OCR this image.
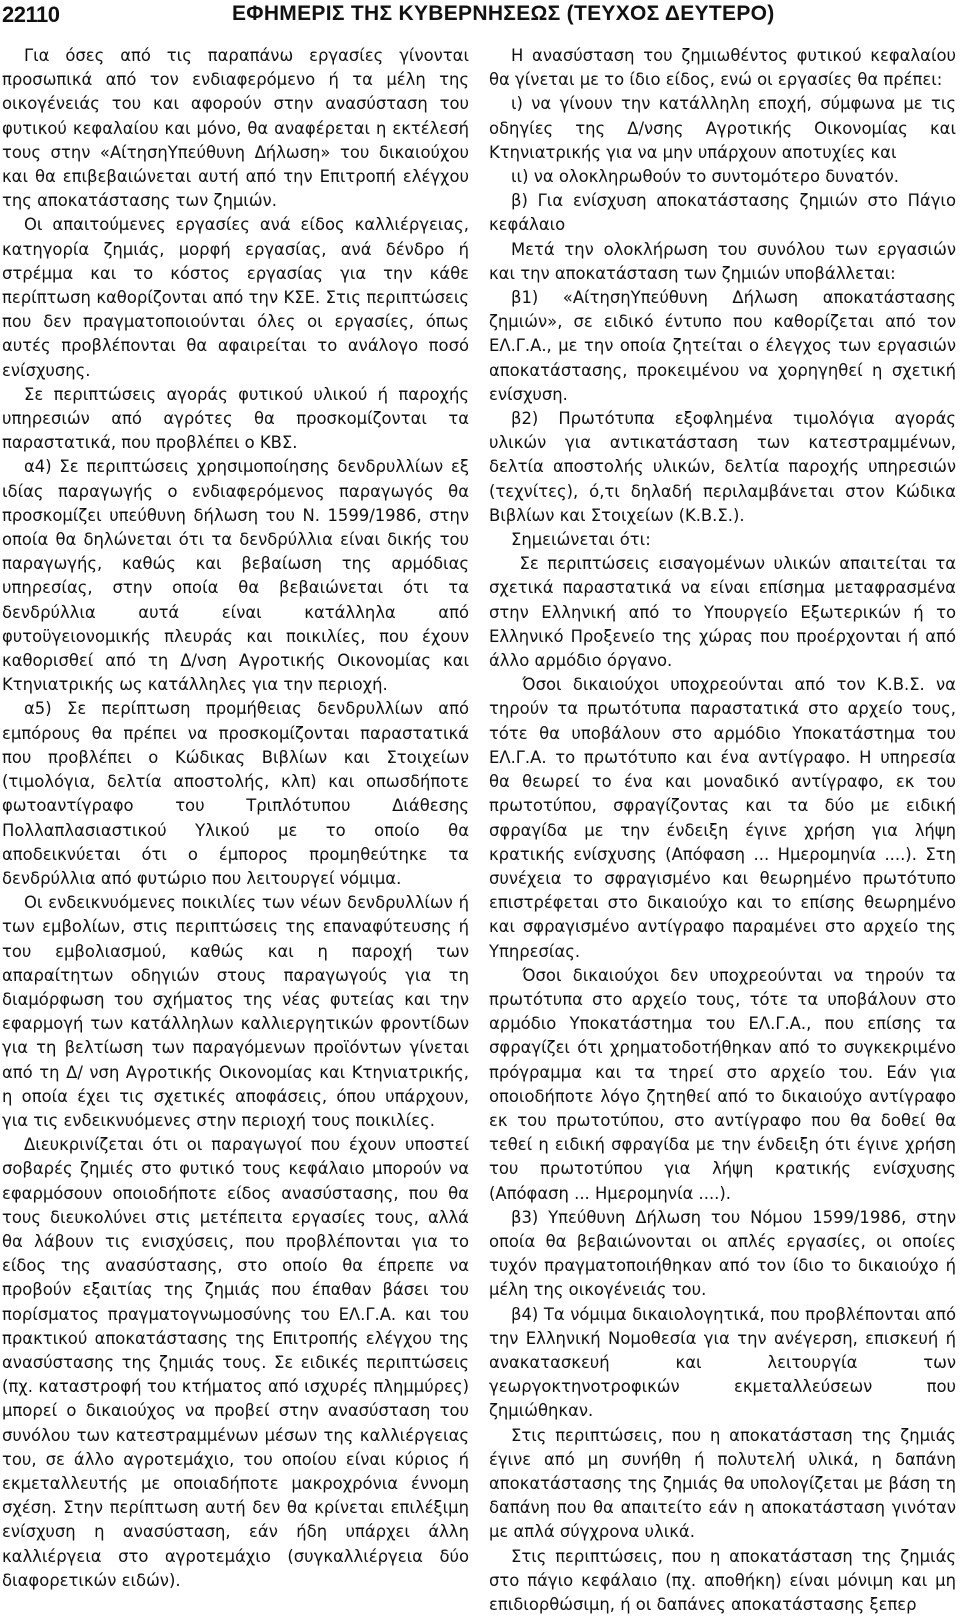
22110	ΕΦΗΜΕΡΙΣ ΤΗΣ ΚΥΒΕΡΝΗΣΕΩΣ (ΤΕΥΧΟΣ ΔΕΥΤΕΡΟ)

Για όσες από τις παραπάνω εργασίες γίνονται προσωπικά από τον ενδιαφερόμενο ή τα μέλη της οικογένειάς του και αφορούν στην ανασύσταση του φυτικού κεφαλαίου και μόνο, θα αναφέρεται η εκτέλεσή τους στην «ΑίτησηΥπεύθυνη Δήλωση» του δικαιούχου και θα επιβεβαιώνεται αυτή από την Επιτροπή ελέγχου της αποκατάστασης των ζημιών.

Οι απαιτούμενες εργασίες ανά είδος καλλιέργειας, κατηγορία ζημιάς, μορφή εργασίας, ανά δένδρο ή στρέμμα και το κόστος εργασίας για την κάθε περίπτωση καθορίζονται από την ΚΣΕ. Στις περιπτώσεις που δεν πραγματοποιούνται όλες οι εργασίες, όπως αυτές προβλέπονται θα αφαιρείται το ανάλογο ποσό ενίσχυσης.

Σε περιπτώσεις αγοράς φυτικού υλικού ή παροχής υπηρεσιών από αγρότες θα προσκομίζονται τα παραστατικά, που προβλέπει ο ΚΒΣ.

α4) Σε περιπτώσεις χρησιμοποίησης δενδρυλλίων εξ ιδίας παραγωγής ο ενδιαφερόμενος παραγωγός θα προσκομίζει υπεύθυνη δήλωση του Ν. 1599/1986, στην οποία θα δηλώνεται ότι τα δενδρύλλια είναι δικής του παραγωγής, καθώς και βεβαίωση της αρμόδιας υπηρεσίας, στην οποία θα βεβαιώνεται ότι τα δενδρύλλια αυτά είναι κατάλληλα από φυτοϋγειονομικής πλευράς και ποικιλίες, που έχουν καθορισθεί από τη Δ/νση Αγροτικής Οικονομίας και Κτηνιατρικής ως κατάλληλες για την περιοχή.

α5) Σε περίπτωση προμήθειας δενδρυλλίων από εμπόρους θα πρέπει να προσκομίζονται παραστατικά που προβλέπει ο Κώδικας Βιβλίων και Στοιχείων (τιμολόγια, δελτία αποστολής, κλπ) και οπωσδήποτε φωτοαντίγραφο του Τριπλότυπου Διάθεσης Πολλαπλασιαστικού Υλικού με το οποίο θα αποδεικνύεται ότι ο έμπορος προμηθεύτηκε τα δενδρύλλια από φυτώριο που λειτουργεί νόμιμα.

Οι ενδεικνυόμενες ποικιλίες των νέων δενδρυλλίων ή των εμβολίων, στις περιπτώσεις της επαναφύτευσης ή του εμβολιασμού, καθώς και η παροχή των απαραίτητων οδηγιών στους παραγωγούς για τη διαμόρφωση του σχήματος της νέας φυτείας και την εφαρμογή των κατάλληλων καλλιεργητικών φροντίδων για τη βελτίωση των παραγόμενων προϊόντων γίνεται από τη Δ/ νση Αγροτικής Οικονομίας και Κτηνιατρικής, η οποία έχει τις σχετικές αποφάσεις, όπου υπάρχουν, για τις ενδεικνυόμενες στην περιοχή τους ποικιλίες.

Διευκρινίζεται ότι οι παραγωγοί που έχουν υποστεί σοβαρές ζημιές στο φυτικό τους κεφάλαιο μπορούν να εφαρμόσουν οποιοδήποτε είδος ανασύστασης, που θα τους διευκολύνει στις μετέπειτα εργασίες τους, αλλά θα λάβουν τις ενισχύσεις, που προβλέπονται για το είδος της ανασύστασης, στο οποίο θα έπρεπε να προβούν εξαιτίας της ζημιάς που έπαθαν βάσει του πορίσματος πραγματογνωμοσύνης του ΕΛ.Γ.Α. και του πρακτικού αποκατάστασης της Επιτροπής ελέγχου της ανασύστασης της ζημιάς τους. Σε ειδικές περιπτώσεις (πχ. καταστροφή του κτήματος από ισχυρές πλημμύρες) μπορεί ο δικαιούχος να προβεί στην ανασύσταση του συνόλου των κατεστραμμένων μέσων της καλλιέργειας του, σε άλλο αγροτεμάχιο, του οποίου είναι κύριος ή εκμεταλλευτής με οποιαδήποτε μακροχρόνια έννομη σχέση. Στην περίπτωση αυτή δεν θα κρίνεται επιλέξιμη ενίσχυση η ανασύσταση, εάν ήδη υπάρχει άλλη καλλιέργεια στο αγροτεμάχιο (συγκαλλιέργεια δύο διαφορετικών ειδών).

Η ανασύσταση του ζημιωθέντος φυτικού κεφαλαίου θα γίνεται με το ίδιο είδος, ενώ οι εργασίες θα πρέπει:

ι) να γίνουν την κατάλληλη εποχή, σύμφωνα με τις οδηγίες της Δ/νσης Αγροτικής Οικονομίας και Κτηνιατρικής για να μην υπάρχουν αποτυχίες και

ιι) να ολοκληρωθούν το συντομότερο δυνατόν.

β) Για ενίσχυση αποκατάστασης ζημιών στο Πάγιο κεφάλαιο

Μετά την ολοκλήρωση του συνόλου των εργασιών και την αποκατάσταση των ζημιών υποβάλλεται:

β1) «ΑίτησηΥπεύθυνη Δήλωση αποκατάστασης ζημιών», σε ειδικό έντυπο που καθορίζεται από τον ΕΛ.Γ.Α., με την οποία ζητείται ο έλεγχος των εργασιών αποκατάστασης, προκειμένου να χορηγηθεί η σχετική ενίσχυση.

β2) Πρωτότυπα εξοφλημένα τιμολόγια αγοράς υλικών για αντικατάσταση των κατεστραμμένων, δελτία αποστολής υλικών, δελτία παροχής υπηρεσιών (τεχνίτες), ό,τι δηλαδή περιλαμβάνεται στον Κώδικα Βιβλίων και Στοιχείων (Κ.Β.Σ.).

Σημειώνεται ότι:

Σε περιπτώσεις εισαγομένων υλικών απαιτείται τα σχετικά παραστατικά να είναι επίσημα μεταφρασμένα στην Ελληνική από το Υπουργείο Εξωτερικών ή το Ελληνικό Προξενείο της χώρας που προέρχονται ή από άλλο αρμόδιο όργανο.

Όσοι δικαιούχοι υποχρεούνται από τον Κ.Β.Σ. να τηρούν τα πρωτότυπα παραστατικά στο αρχείο τους, τότε θα υποβάλουν στο αρμόδιο Υποκατάστημα του ΕΛ.Γ.Α. το πρωτότυπο και ένα αντίγραφο. Η υπηρεσία θα θεωρεί το ένα και μοναδικό αντίγραφο, εκ του πρωτοτύπου, σφραγίζοντας και τα δύο με ειδική σφραγίδα με την ένδειξη έγινε χρήση για λήψη κρατικής ενίσχυσης (Απόφαση ... Ημερομηνία ....). Στη συνέχεια το σφραγισμένο και θεωρημένο πρωτότυπο επιστρέφεται στο δικαιούχο και το επίσης θεωρημένο και σφραγισμένο αντίγραφο παραμένει στο αρχείο της Υπηρεσίας.

Όσοι δικαιούχοι δεν υποχρεούνται να τηρούν τα πρωτότυπα στο αρχείο τους, τότε τα υποβάλουν στο αρμόδιο Υποκατάστημα του ΕΛ.Γ.Α., που επίσης τα σφραγίζει ότι χρηματοδοτήθηκαν από το συγκεκριμένο πρόγραμμα και τα τηρεί στο αρχείο του. Εάν για οποιοδήποτε λόγο ζητηθεί από το δικαιούχο αντίγραφο εκ του πρωτοτύπου, στο αντίγραφο που θα δοθεί θα τεθεί η ειδική σφραγίδα με την ένδειξη ότι έγινε χρήση του πρωτοτύπου για λήψη κρατικής ενίσχυσης (Απόφαση ... Ημερομηνία ....).

β3) Υπεύθυνη Δήλωση του Νόμου 1599/1986, στην οποία θα βεβαιώνονται οι απλές εργασίες, οι οποίες τυχόν πραγματοποιήθηκαν από τον ίδιο το δικαιούχο ή μέλη της οικογένειάς του.

β4) Τα νόμιμα δικαιολογητικά, που προβλέπονται από την Ελληνική Νομοθεσία για την ανέγερση, επισκευή ή ανακατασκευή και λειτουργία των γεωργοκτηνοτροφικών εκμεταλλεύσεων που ζημιώθηκαν.

Στις περιπτώσεις, που η αποκατάσταση της ζημιάς έγινε από μη συνήθη ή πολυτελή υλικά, η δαπάνη αποκατάστασης της ζημιάς θα υπολογίζεται με βάση τη δαπάνη που θα απαιτείτο εάν η αποκατάσταση γινόταν με απλά σύγχρονα υλικά.

Στις περιπτώσεις, που η αποκατάσταση της ζημιάς στο πάγιο κεφάλαιο (πχ. αποθήκη) είναι μόνιμη και μη επιδιορθώσιμη, ή οι δαπάνες αποκατάστασης ξεπερ
